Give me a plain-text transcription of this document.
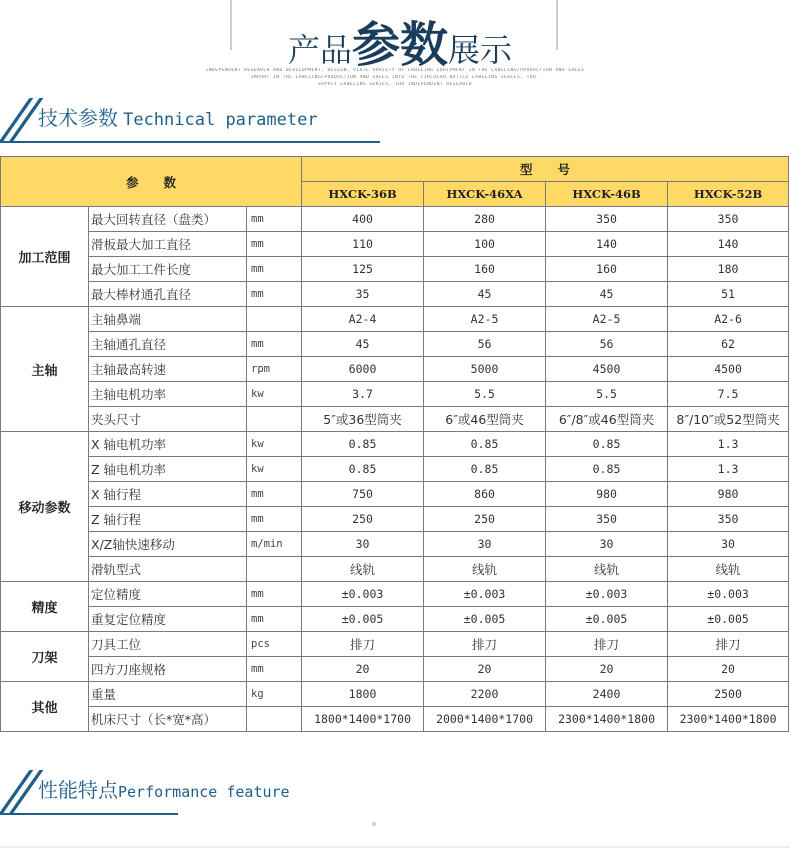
产品参数展示
INDEPENDENT RESEARCH AND DEVELOPMENT, DESIGN, PLATE VARIETY OF LABELING EQUIPMENT IN THE LABELING/PRODUCTION AND SALES
IMPORT IN THE LABELING/PRODUCTION AND SALES INTO THE CIRCULAR BOTTLE LABELING SERIES, TOO.
SUPPLY LABELING SERIES, TOO INDEPENDENT RESEARCH
技术参数 Technical parameter
参　　数			型　　号			
			HXCK-36B	HXCK-46XA	HXCK-46B	HXCK-52B
加工范围	最大回转直径（盘类）	mm	400	280	350	350
	滑板最大加工直径	mm	110	100	140	140
	最大加工工件长度	mm	125	160	160	180
	最大棒材通孔直径	mm	35	45	45	51
主轴	主轴鼻端		A2-4	A2-5	A2-5	A2-6
	主轴通孔直径	mm	45	56	56	62
	主轴最高转速	rpm	6000	5000	4500	4500
	主轴电机功率	kw	3.7	5.5	5.5	7.5
	夹头尺寸		5″或36型筒夹	6″或46型筒夹	6″/8″或46型筒夹	8″/10″或52型筒夹
移动参数	X 轴电机功率	kw	0.85	0.85	0.85	1.3
	Z 轴电机功率	kw	0.85	0.85	0.85	1.3
	X 轴行程	mm	750	860	980	980
	Z 轴行程	mm	250	250	350	350
	X/Z轴快速移动	m/min	30	30	30	30
	滑轨型式		线轨	线轨	线轨	线轨
精度	定位精度	mm	±0.003	±0.003	±0.003	±0.003
	重复定位精度	mm	±0.005	±0.005	±0.005	±0.005
刀架	刀具工位	pcs	排刀	排刀	排刀	排刀
	四方刀座规格	mm	20	20	20	20
其他	重量	kg	1800	2200	2400	2500
	机床尺寸（长*宽*高）		1800*1400*1700	2000*1400*1700	2300*1400*1800	2300*1400*1800
性能特点Performance feature
